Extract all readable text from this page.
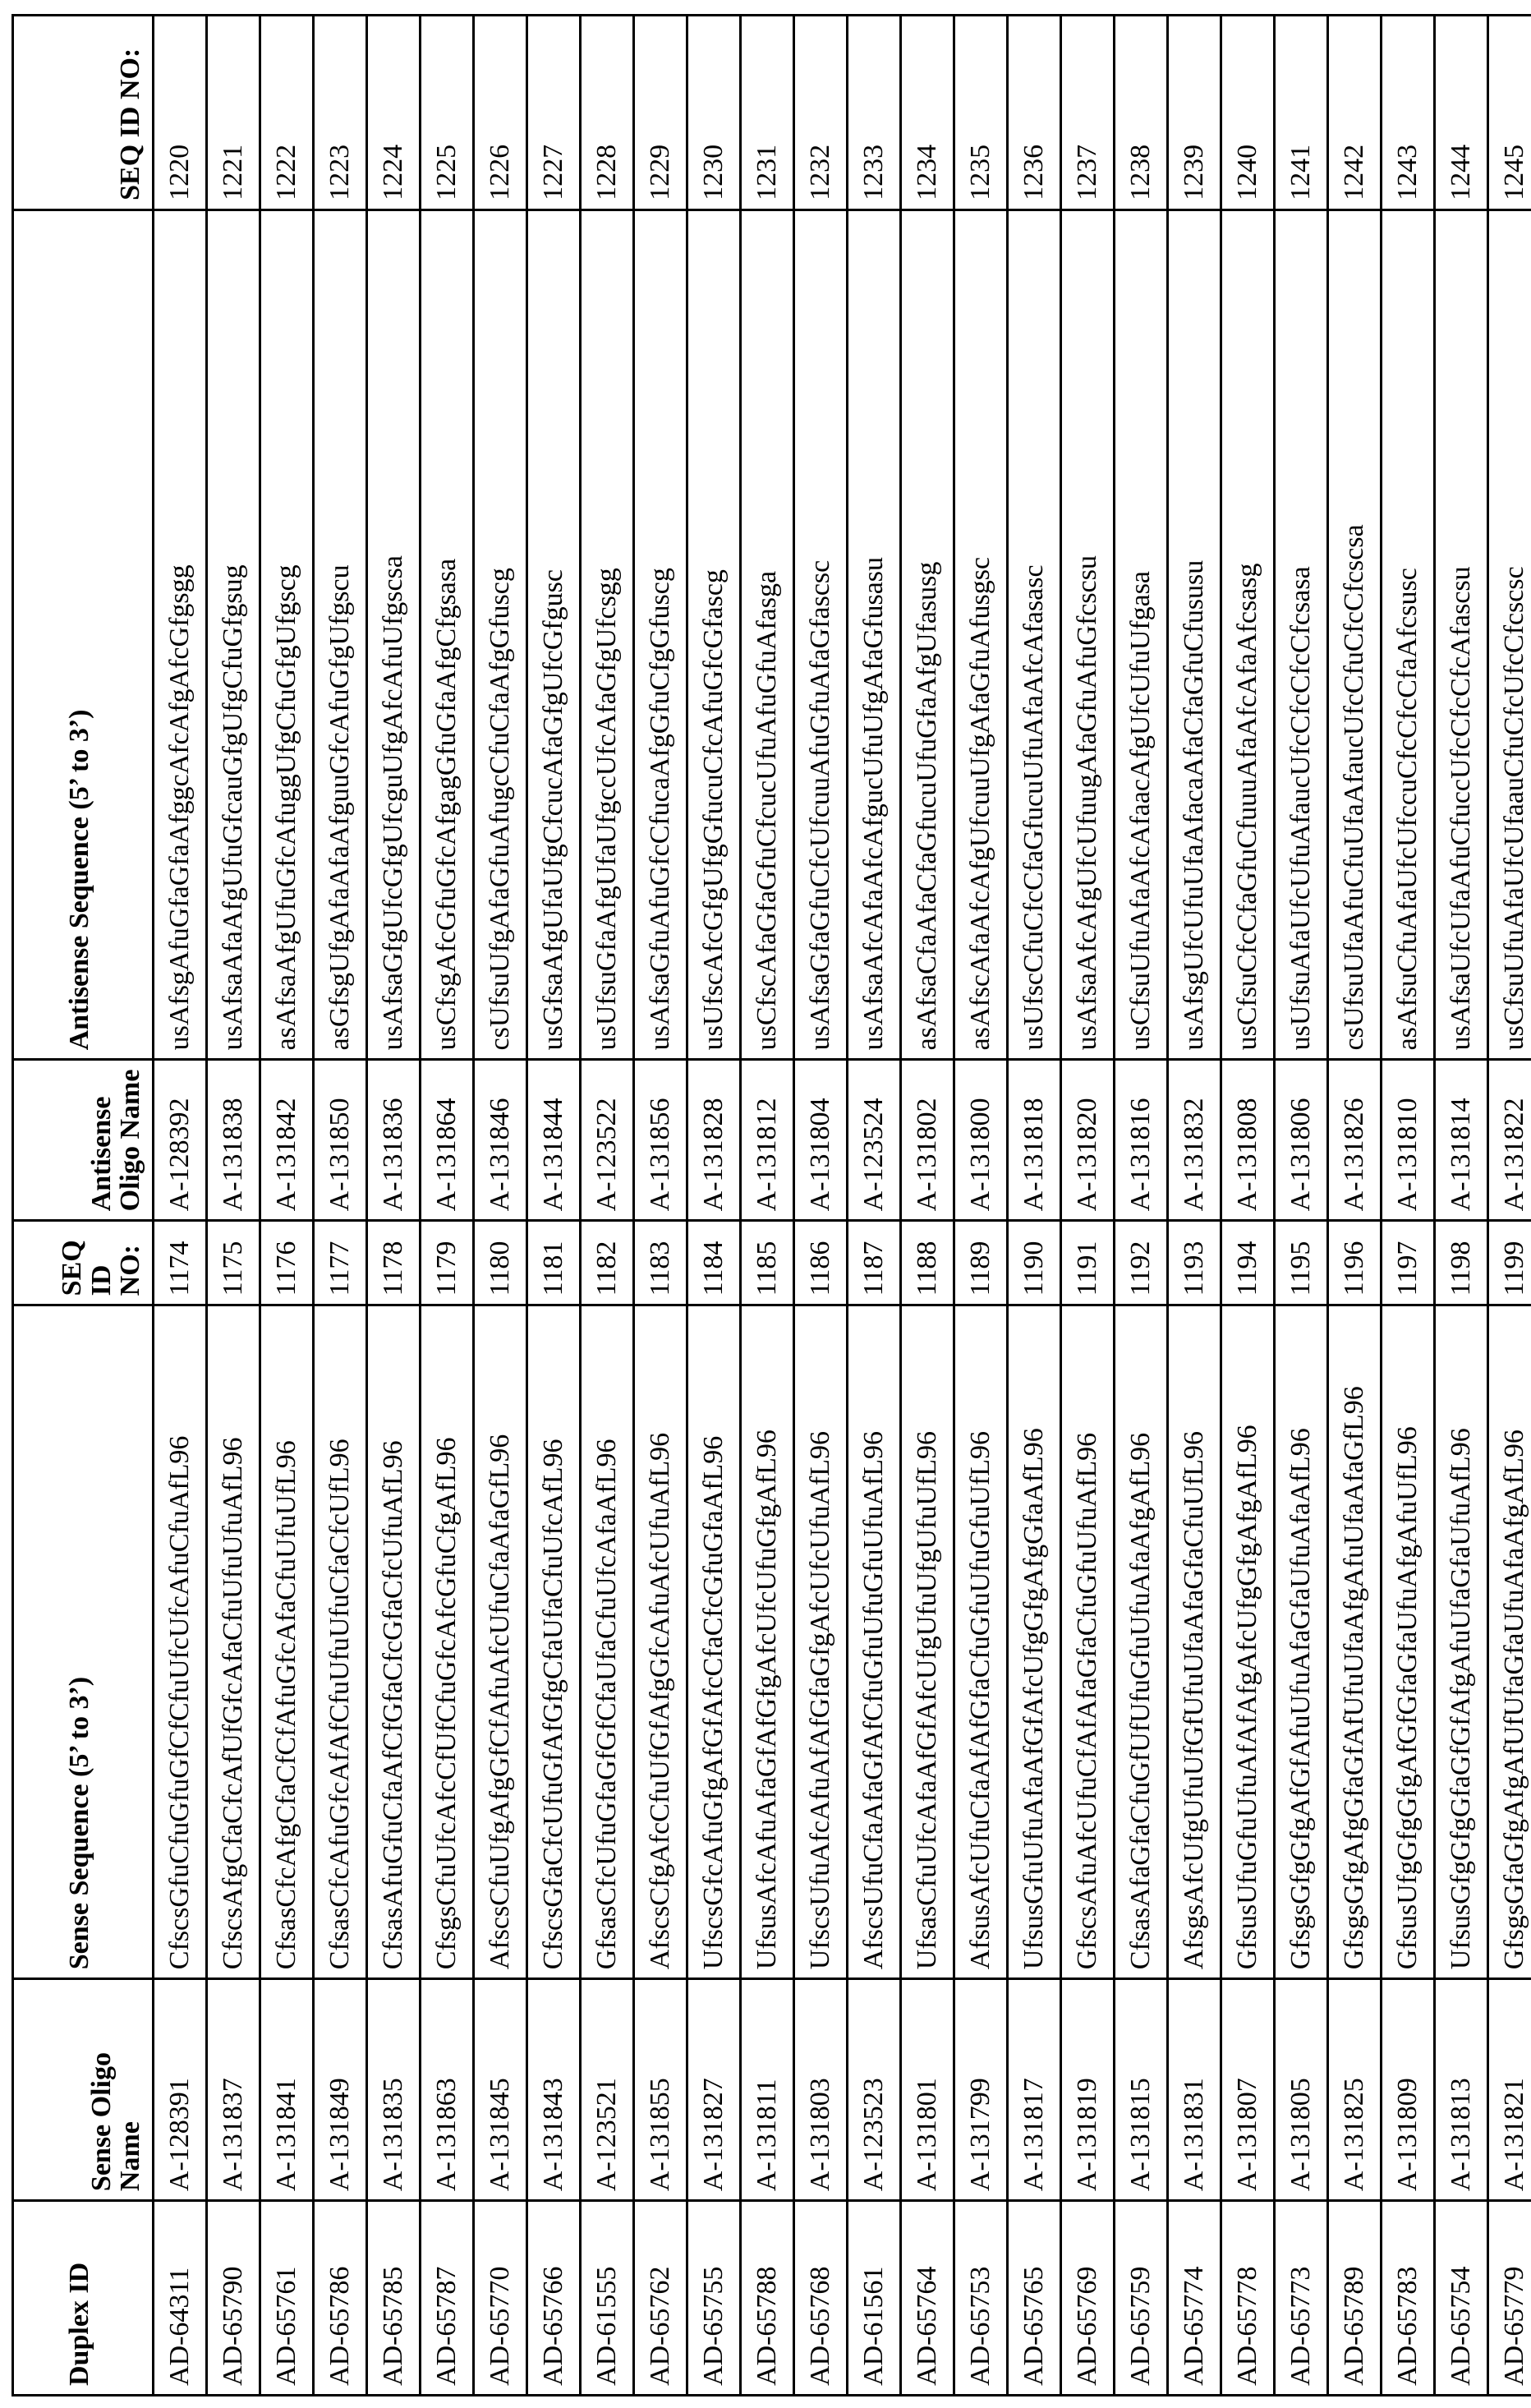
Duplex ID	Sense Oligo Name	Sense Sequence (5’ to 3’)	SEQ ID NO:	Antisense Oligo Name	Antisense Sequence (5’ to 3’)	SEQ ID NO:
AD-64311	A-128391	CfscsGfuCfuGfuGfCfCfuUfcUfcAfuCfuAfL96	1174	A-128392	usAfsgAfuGfaGfaAfggcAfcAfgAfcGfgsgg	1220
AD-65790	A-131837	CfscsAfgCfaCfcAfUfGfcAfaCfuUfuUfuAfL96	1175	A-131838	usAfsaAfaAfgUfuGfcauGfgUfgCfuGfgsug	1221
AD-65761	A-131841	CfsasCfcAfgCfaCfCfAfuGfcAfaCfuUfuUfL96	1176	A-131842	asAfsaAfgUfuGfcAfuggUfgCfuGfgUfgscg	1222
AD-65786	A-131849	CfsasCfcAfuGfcAfAfCfuUfuUfuCfaCfcUfL96	1177	A-131850	asGfsgUfgAfaAfaAfguuGfcAfuGfgUfgscu	1223
AD-65785	A-131835	CfsasAfuGfuCfaAfCfGfaCfcGfaCfcUfuAfL96	1178	A-131836	usAfsaGfgUfcGfgUfcguUfgAfcAfuUfgscsa	1224
AD-65787	A-131863	CfsgsCfuUfcAfcCfUfCfuGfcAfcGfuCfgAfL96	1179	A-131864	usCfsgAfcGfuGfcAfgagGfuGfaAfgCfgsasa	1225
AD-65770	A-131845	AfscsCfuUfgAfgGfCfAfuAfcUfuCfaAfaGfL96	1180	A-131846	csUfsuUfgAfaGfuAfugcCfuCfaAfgGfuscg	1226
AD-65766	A-131843	CfscsGfaCfcUfuGfAfGfgCfaUfaCfuUfcAfL96	1181	A-131844	usGfsaAfgUfaUfgCfcucAfaGfgUfcGfgusc	1227
AD-61555	A-123521	GfsasCfcUfuGfaGfGfCfaUfaCfuUfcAfaAfL96	1182	A-123522	usUfsuGfaAfgUfaUfgccUfcAfaGfgUfcsgg	1228
AD-65762	A-131855	AfscsCfgAfcCfuUfGfAfgGfcAfuAfcUfuAfL96	1183	A-131856	usAfsaGfuAfuGfcCfucaAfgGfuCfgGfuscg	1229
AD-65755	A-131827	UfscsGfcAfuGfgAfGfAfcCfaCfcGfuGfaAfL96	1184	A-131828	usUfscAfcGfgUfgGfucuCfcAfuGfcGfascg	1230
AD-65788	A-131811	UfsusAfcAfuAfaGfAfGfgAfcUfcUfuGfgAfL96	1185	A-131812	usCfscAfaGfaGfuCfcucUfuAfuGfuAfasga	1231
AD-65768	A-131803	UfscsUfuAfcAfuAfAfGfaGfgAfcUfcUfuAfL96	1186	A-131804	usAfsaGfaGfuCfcUfcuuAfuGfuAfaGfascsc	1232
AD-61561	A-123523	AfscsUfuCfaAfaGfAfCfuGfuUfuGfuUfuAfL96	1187	A-123524	usAfsaAfcAfaAfcAfgucUfuUfgAfaGfusasu	1233
AD-65764	A-131801	UfsasCfuUfcAfaAfGfAfcUfgUfuUfgUfuUfL96	1188	A-131802	asAfsaCfaAfaCfaGfucuUfuGfaAfgUfasusg	1234
AD-65753	A-131799	AfsusAfcUfuCfaAfAfGfaCfuGfuUfuGfuUfL96	1189	A-131800	asAfscAfaAfcAfgUfcuuUfgAfaGfuAfusgsc	1235
AD-65765	A-131817	UfsusGfuUfuAfaAfGfAfcUfgGfgAfgGfaAfL96	1190	A-131818	usUfscCfuCfcCfaGfucuUfuAfaAfcAfasasc	1236
AD-65769	A-131819	GfscsAfuAfcUfuCfAfAfaGfaCfuGfuUfuAfL96	1191	A-131820	usAfsaAfcAfgUfcUfuugAfaGfuAfuGfcscsu	1237
AD-65759	A-131815	CfsasAfaGfaCfuGfUfUfuGfuUfuAfaAfgAfL96	1192	A-131816	usCfsuUfuAfaAfcAfaacAfgUfcUfuUfgasa	1238
AD-65774	A-131831	AfsgsAfcUfgUfuUfGfUfuUfaAfaGfaCfuUfL96	1193	A-131832	usAfsgUfcUfuUfaAfacaAfaCfaGfuCfususu	1239
AD-65778	A-131807	GfsusUfuGfuUfuAfAfAfgAfcUfgGfgAfgAfL96	1194	A-131808	usCfsuCfcCfaGfuCfuuuAfaAfcAfaAfcsasg	1240
AD-65773	A-131805	GfsgsGfgGfgAfGfAfuUfuAfaGfaUfuAfaAfL96	1195	A-131806	usUfsuAfaUfcUfuAfaucUfcCfcCfcCfcsasa	1241
AD-65789	A-131825	GfsgsGfgAfgGfaGfAfUfuUfaAfgAfuUfaAfaGfL96	1196	A-131826	csUfsuUfaAfuCfuUfaAfaucUfcCfuCfcCfcscsa	1242
AD-65783	A-131809	GfsusUfgGfgGfgAfGfGfaGfaUfuAfgAfuUfL96	1197	A-131810	asAfsuCfuAfaUfcUfccuCfcCfcCfaAfcsusc	1243
AD-65754	A-131813	UfsusGfgGfgGfaGfGfAfgAfuUfaGfaUfuAfL96	1198	A-131814	usAfsaUfcUfaAfuCfuccUfcCfcCfcAfascsu	1244
AD-65779	A-131821	GfsgsGfaGfgAfgAfUfUfaGfaUfuAfaAfgAfL96	1199	A-131822	usCfsuUfuAfaUfcUfaauCfuCfcUfcCfcscsc	1245
